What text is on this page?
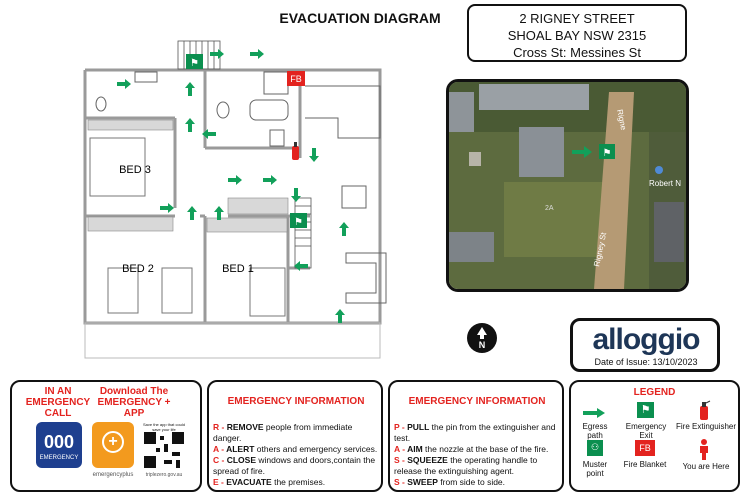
EVACUATION DIAGRAM	2 RIGNEY STREET
SHOAL BAY NSW 2315
Cross St: Messines St
FB
⚑
⚑
BED 3
BED 2	BED 1
⚑
Robert N
2A
Rigney St
Rigne
N	alloggio
Date of Issue: 13/10/2023
IN AN EMERGENCY CALL
000
EMERGENCY
Download The EMERGENCY + APP
+
emergencyplus
Save the app that could save your life
triplezero.gov.au
EMERGENCY INFORMATION
R - REMOVE people from immediate danger.
A - ALERT others and emergency services.
C - CLOSE windows and doors,contain the spread of fire.
E - EVACUATE the premises.
EMERGENCY INFORMATION
P - PULL the pin from the extinguisher and test.
A - AIM the nozzle at the base of the fire.
S - SQUEEZE the operating handle to release the extinguishing agent.
S - SWEEP from side to side.
LEGEND
Egress path
⚑
Emergency Exit
Fire Extinguisher
⚇
Muster point
FB
Fire Blanket	You are Here
